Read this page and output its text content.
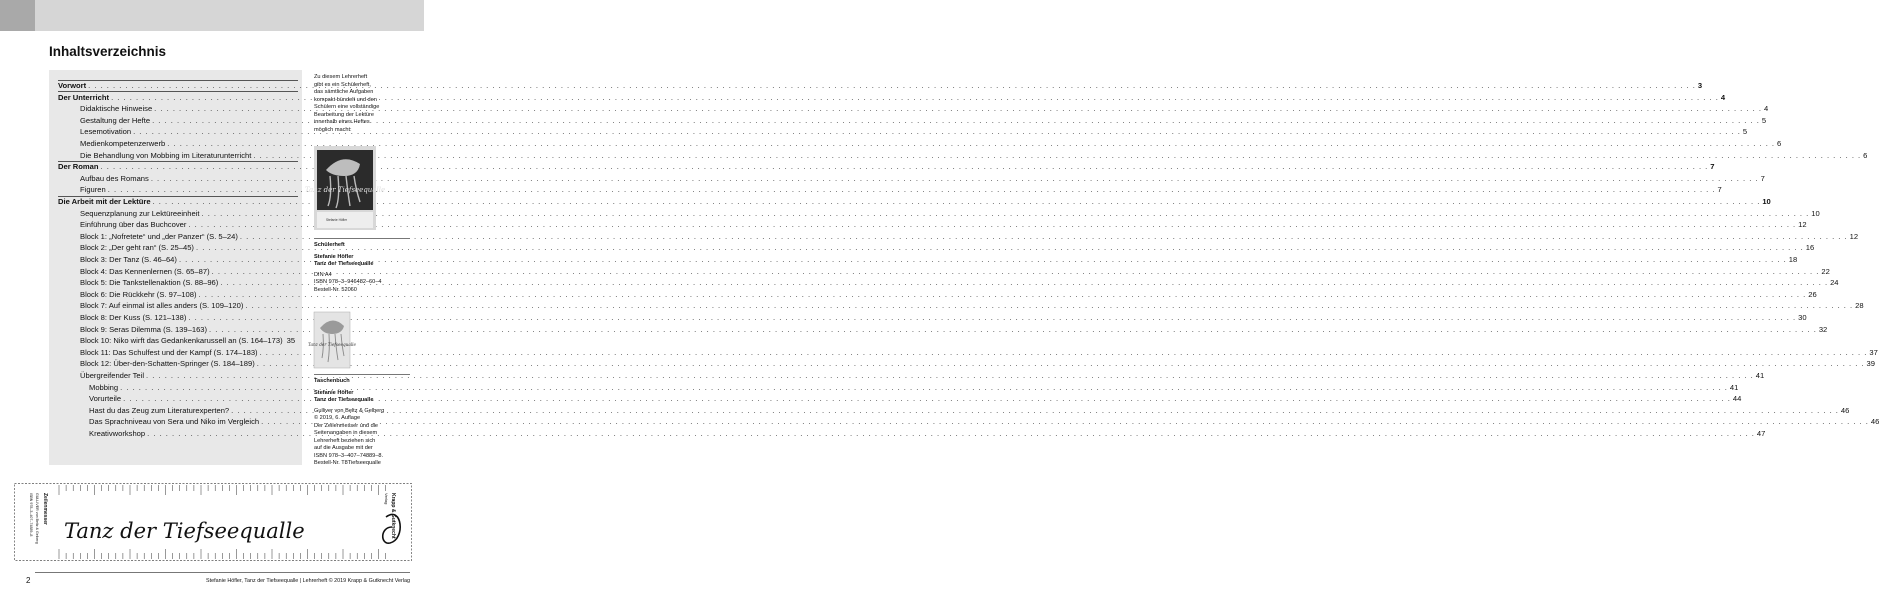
Inhaltsverzeichnis
Vorwort . . .	3
Der Unterricht . . .	4
Didaktische Hinweise . . .	4
Gestaltung der Hefte . . .	5
Lesemotivation . . .	5
Medienkompetenzerwerb . . .	6
Die Behandlung von Mobbing im Literaturunterricht . . .	6
Der Roman . . .	7
Aufbau des Romans . . .	7
Figuren . . .	7
Die Arbeit mit der Lektüre . . .	10
Sequenzplanung zur Lektüreeinheit . . .	10
Einführung über das Buchcover . . .	12
Block 1: „Nofretete“ und „der Panzer“ (S. 5–24) . . .	12
Block 2: „Der geht ran“ (S. 25–45) . . .	16
Block 3: Der Tanz (S. 46–64) . . .	18
Block 4: Das Kennenlernen (S. 65–87) . . .	22
Block 5: Die Tankstellenaktion (S. 88–96) . . .	24
Block 6: Die Rückkehr (S. 97–108) . . .	26
Block 7: Auf einmal ist alles anders (S. 109–120) . . .	28
Block 8: Der Kuss (S. 121–138) . . .	30
Block 9: Seras Dilemma (S. 139–163) . . .	32
Block 10: Niko wirft das Gedankenkarussell an (S. 164–173) 35
Block 11: Das Schulfest und der Kampf (S. 174–183) . . .	37
Block 12: Über-den-Schatten-Springer (S. 184–189) . . .	39
Übergreifender Teil . . .	41
Mobbing . . .	41
Vorurteile . . .	44
Hast du das Zeug zum Literaturexperten? . . .	46
Das Sprachniveau von Sera und Niko im Vergleich . . .	46
Kreativworkshop . . .	47
Zu diesem Lehrerheft
gibt es ein Schülerheft,
das sämtliche Aufgaben
kompakt bündelt und den
Schülern eine vollständige
Bearbeitung der Lektüre
innerhalb eines Heftes
möglich macht:
Tanz der Tiefseequalle
Stefanie Höfler
Schülerheft
Stefanie Höfler
Tanz der Tiefseequalle
DIN A4
ISBN 978–3–946482–60–4
Bestell-Nr. 52060
Tanz der Tiefseequalle
Taschenbuch
Stefanie Höfler
Tanz der Tiefseequalle
Gulliver von Beltz & Gelberg
© 2019, 6. Auflage
Der Zeilenmesser und die
Seitenangaben in diesem
Lehrerheft beziehen sich
auf die Ausgabe mit der
ISBN 978–3–407–74889–8.
Bestell-Nr. T8Tiefseequalle
Tanz der Tiefseequalle
Zeilenmesser
GULLIVER von Beltz & Gelberg
ISBN 978–3–407–74889–8	Krapp & Gutknecht
Verlag
2	Stefanie Höfler, Tanz der Tiefseequalle | Lehrerheft © 2019 Krapp & Gutknecht Verlag
